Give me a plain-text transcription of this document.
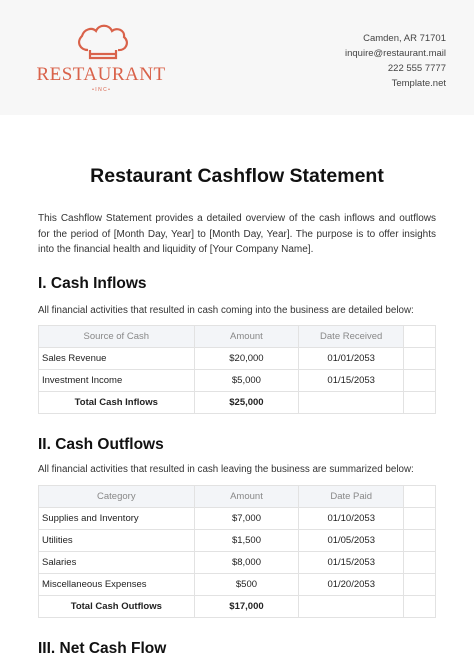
RESTAURANT
• I N C •
Camden, AR 71701
inquire@restaurant.mail
222 555 7777
Template.net
Restaurant Cashflow Statement

This Cashflow Statement provides a detailed overview of the cash inflows and outflows for the period of [Month Day, Year] to [Month Day, Year]. The purpose is to offer insights into the financial health and liquidity of [Your Company Name].

I. Cash Inflows
All financial activities that resulted in cash coming into the business are detailed below:
Source of Cash	Amount	Date Received	
Sales Revenue	$20,000	01/01/2053	
Investment Income	$5,000	01/15/2053	
Total Cash Inflows	$25,000		
II. Cash Outflows
All financial activities that resulted in cash leaving the business are summarized below:
Category	Amount	Date Paid	
Supplies and Inventory	$7,000	01/10/2053	
Utilities	$1,500	01/05/2053	
Salaries	$8,000	01/15/2053	
Miscellaneous Expenses	$500	01/20/2053	
Total Cash Outflows	$17,000		
III. Net Cash Flow
